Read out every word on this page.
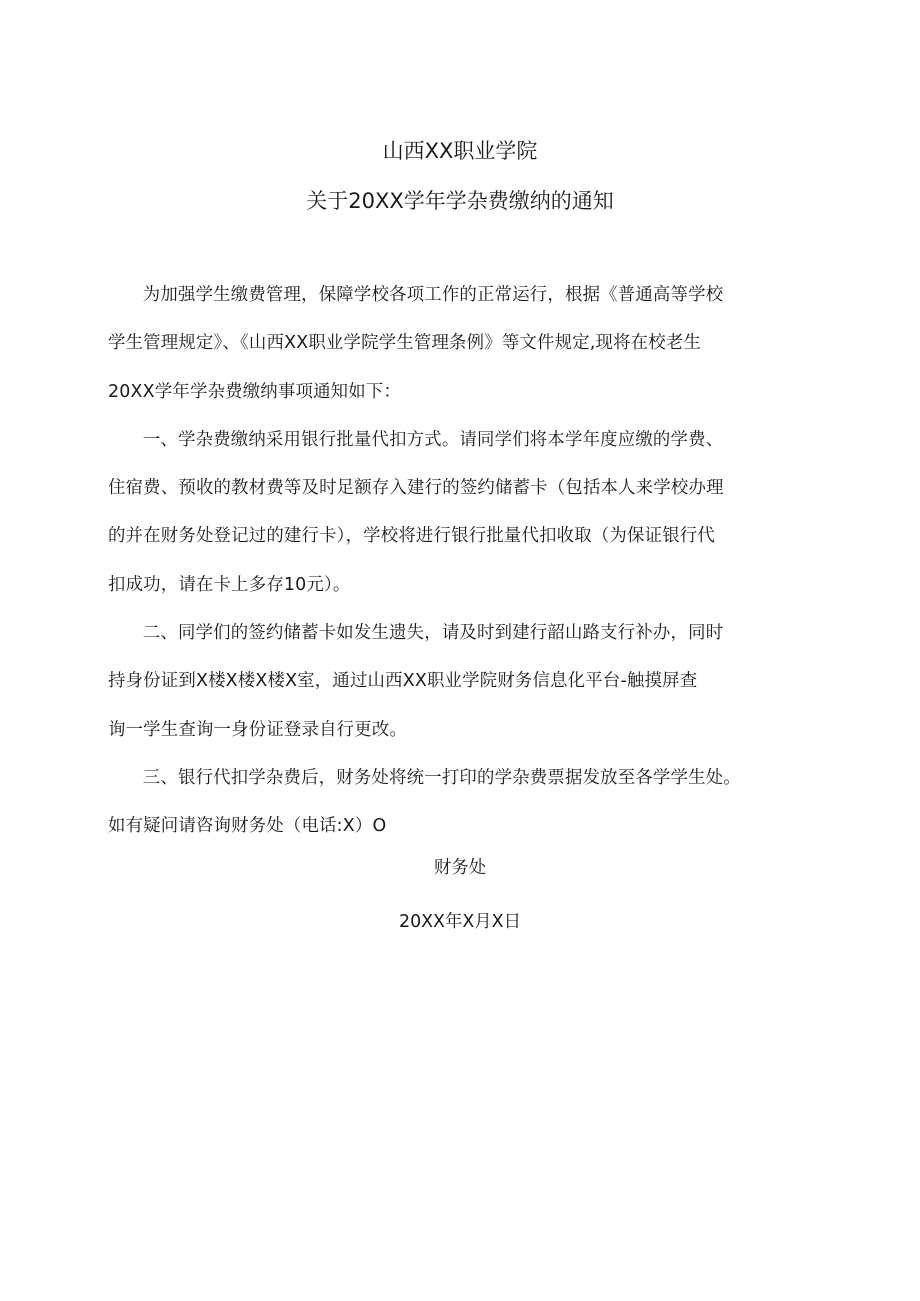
山西XX职业学院
关于20XX学年学杂费缴纳的通知

为加强学生缴费管理，保障学校各项工作的正常运行，根据《普通高等学校
学生管理规定》、《山西XX职业学院学生管理条例》等文件规定,现将在校老生
20XX学年学杂费缴纳事项通知如下：

一、学杂费缴纳采用银行批量代扣方式。请同学们将本学年度应缴的学费、
住宿费、预收的教材费等及时足额存入建行的签约储蓄卡（包括本人来学校办理
的并在财务处登记过的建行卡），学校将进行银行批量代扣收取（为保证银行代
扣成功，请在卡上多存10元）。

二、同学们的签约储蓄卡如发生遗失，请及时到建行韶山路支行补办，同时
持身份证到X楼X楼X楼X室，通过山西XX职业学院财务信息化平台-触摸屏查
询一学生查询一身份证登录自行更改。

三、银行代扣学杂费后，财务处将统一打印的学杂费票据发放至各学学生处。
如有疑问请咨询财务处（电话:X）O

财务处
20XX年X月X日
